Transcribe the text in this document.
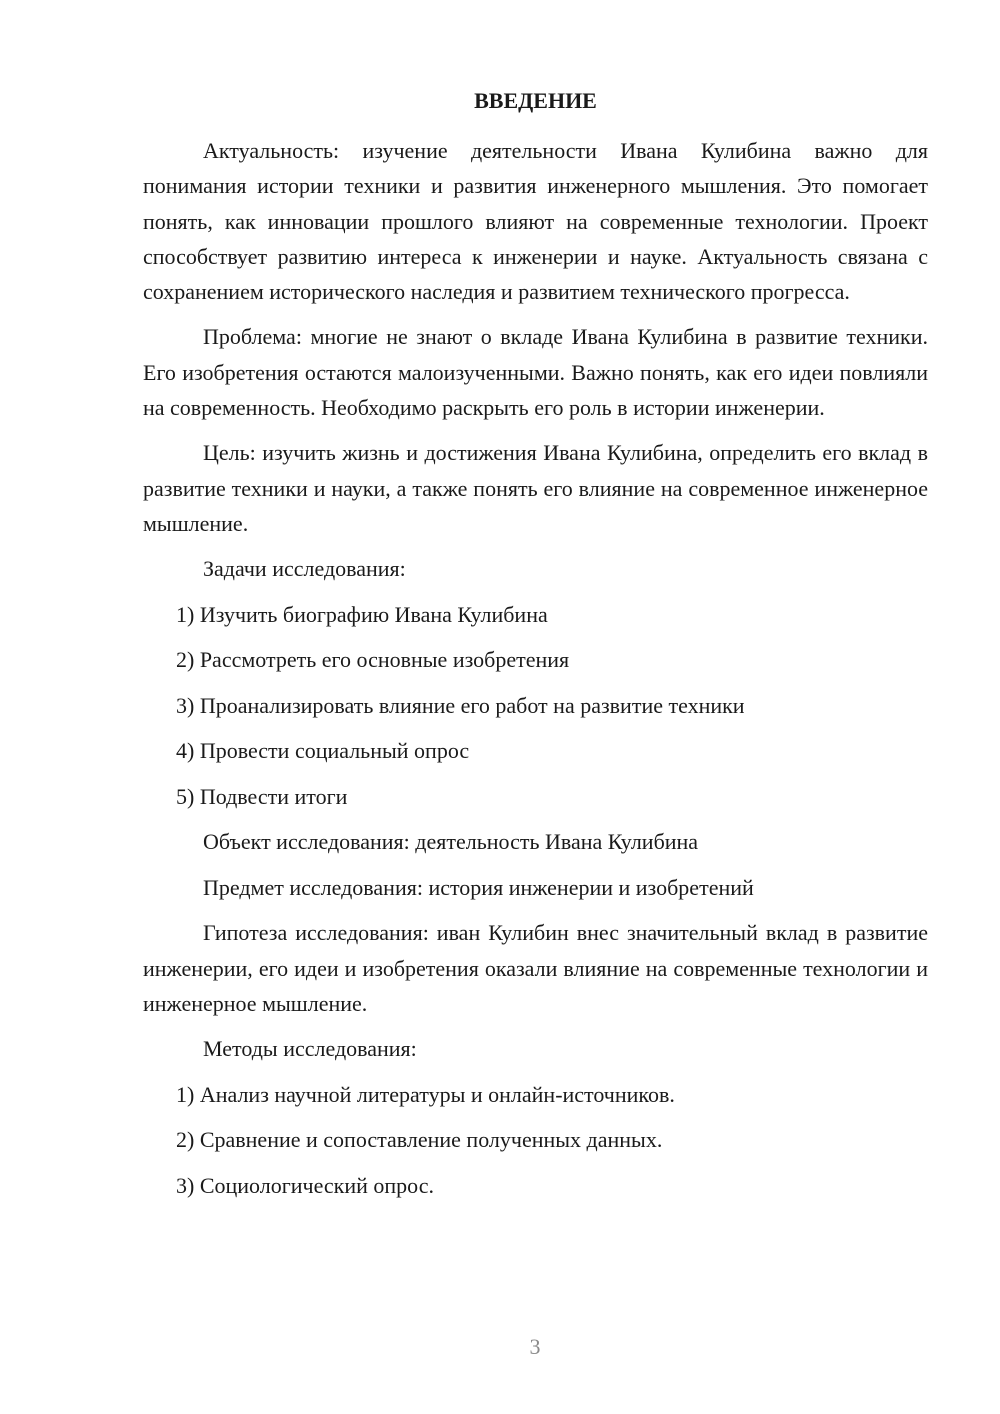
ВВЕДЕНИЕ

Актуальность: изучение деятельности Ивана Кулибина важно для понимания истории техники и развития инженерного мышления. Это помогает понять, как инновации прошлого влияют на современные технологии. Проект способствует развитию интереса к инженерии и науке. Актуальность связана с сохранением исторического наследия и развитием технического прогресса.

Проблема: многие не знают о вкладе Ивана Кулибина в развитие техники. Его изобретения остаются малоизученными. Важно понять, как его идеи повлияли на современность. Необходимо раскрыть его роль в истории инженерии.

Цель: изучить жизнь и достижения Ивана Кулибина, определить его вклад в развитие техники и науки, а также понять его влияние на современное инженерное мышление.

Задачи исследования:
1) Изучить биографию Ивана Кулибина
2) Рассмотреть его основные изобретения
3) Проанализировать влияние его работ на развитие техники
4) Провести социальный опрос
5) Подвести итоги
Объект исследования: деятельность Ивана Кулибина
Предмет исследования: история инженерии и изобретений

Гипотеза исследования: иван Кулибин внес значительный вклад в развитие инженерии, его идеи и изобретения оказали влияние на современные технологии и инженерное мышление.

Методы исследования:
1) Анализ научной литературы и онлайн-источников.
2) Сравнение и сопоставление полученных данных.
3) Социологический опрос.
3
